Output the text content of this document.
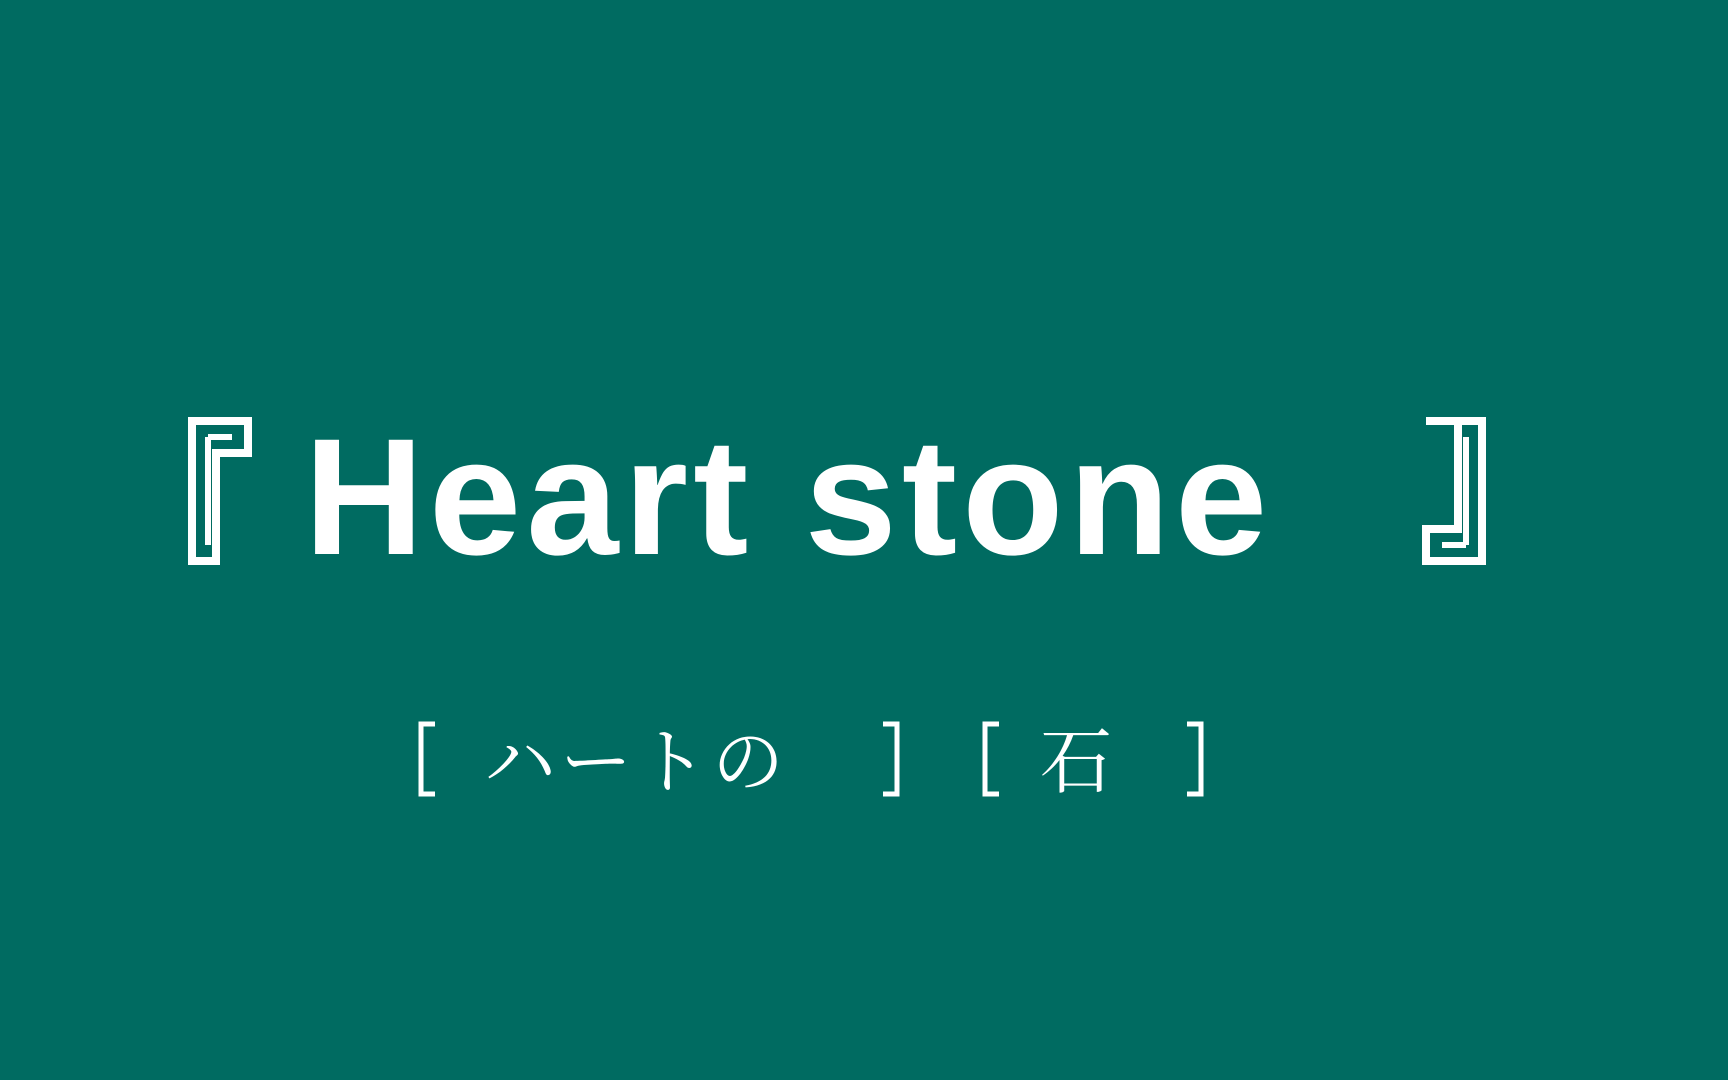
Heart stone
ハートの	石
